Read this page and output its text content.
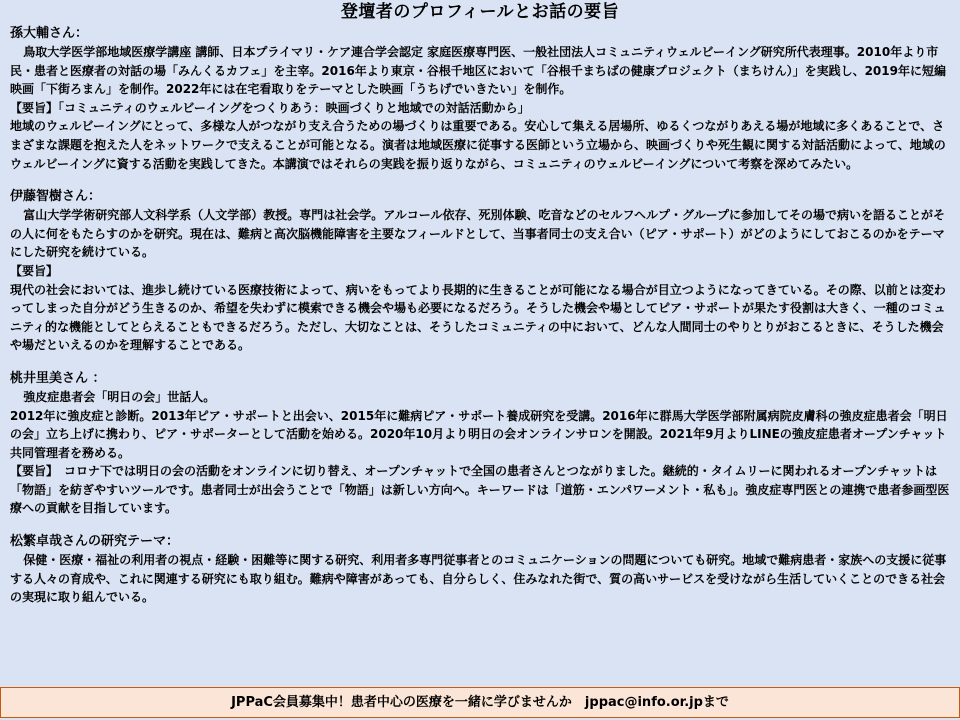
登壇者のプロフィールとお話の要旨
孫大輔さん：

鳥取大学医学部地域医療学講座 講師、日本プライマリ・ケア連合学会認定 家庭医療専門医、一般社団法人コミュニティウェルビーイング研究所代表理事。2010年より市民・患者と医療者の対話の場「みんくるカフェ」を主宰。2016年より東京・谷根千地区において「谷根千まちばの健康プロジェクト（まちけん）」を実践し、2019年に短編映画「下街ろまん」を制作。2022年には在宅看取りをテーマとした映画「うちげでいきたい」を制作。

【要旨】「コミュニティのウェルビーイングをつくりあう：映画づくりと地域での対話活動から」

地域のウェルビーイングにとって、多様な人がつながり支え合うための場づくりは重要である。安心して集える居場所、ゆるくつながりあえる場が地域に多くあることで、さまざまな課題を抱えた人をネットワークで支えることが可能となる。演者は地域医療に従事する医師という立場から、映画づくりや死生観に関する対話活動によって、地域のウェルビーイングに資する活動を実践してきた。本講演ではそれらの実践を振り返りながら、コミュニティのウェルビーイングについて考察を深めてみたい。

伊藤智樹さん：

富山大学学術研究部人文科学系（人文学部）教授。専門は社会学。アルコール依存、死別体験、吃音などのセルフヘルプ・グループに参加してその場で病いを語ることがその人に何をもたらすのかを研究。現在は、難病と高次脳機能障害を主要なフィールドとして、当事者同士の支え合い（ピア・サポート）がどのようにしておこるのかをテーマにした研究を続けている。

【要旨】

現代の社会においては、進歩し続けている医療技術によって、病いをもってより長期的に生きることが可能になる場合が目立つようになってきている。その際、以前とは変わってしまった自分がどう生きるのか、希望を失わずに模索できる機会や場も必要になるだろう。そうした機会や場としてピア・サポートが果たす役割は大きく、一種のコミュニティ的な機能としてとらえることもできるだろう。ただし、大切なことは、そうしたコミュニティの中において、どんな人間同士のやりとりがおこるときに、そうした機会や場だといえるのかを理解することである。

桃井里美さん ：

強皮症患者会「明日の会」世話人。

2012年に強皮症と診断。2013年ピア・サポートと出会い、2015年に難病ピア・サポート養成研究を受講。2016年に群馬大学医学部附属病院皮膚科の強皮症患者会「明日の会」立ち上げに携わり、ピア・サポーターとして活動を始める。2020年10月より明日の会オンラインサロンを開設。2021年9月よりLINEの強皮症患者オープンチャット共同管理者を務める。

【要旨】　コロナ下では明日の会の活動をオンラインに切り替え、オープンチャットで全国の患者さんとつながりました。継続的・タイムリーに関われるオープンチャットは「物語」を紡ぎやすいツールです。患者同士が出会うことで「物語」は新しい方向へ。キーワードは「道筋・エンパワーメント・私も」。強皮症専門医との連携で患者参画型医療への貢献を目指しています。

松繁卓哉さんの研究テーマ：

保健・医療・福祉の利用者の視点・経験・困難等に関する研究、利用者多専門従事者とのコミュニケーションの問題についても研究。地域で難病患者・家族への支援に従事する人々の育成や、これに関連する研究にも取り組む。難病や障害があっても、自分らしく、住みなれた街で、質の高いサービスを受けながら生活していくことのできる社会の実現に取り組んでいる。

JPPaC会員募集中！患者中心の医療を一緒に学びませんか　jppac@info.or.jpまで
